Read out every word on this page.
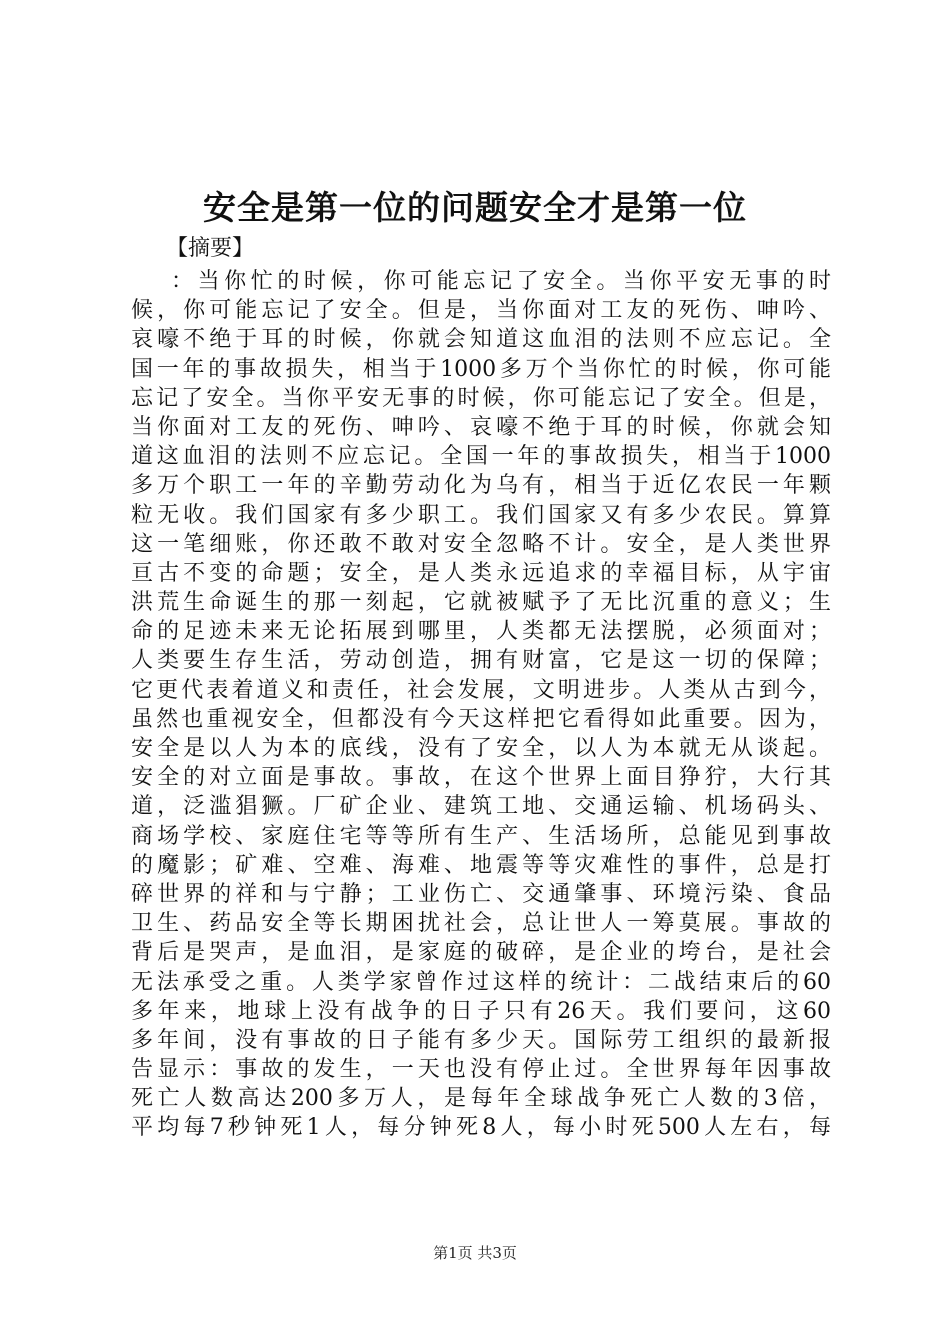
安全是第一位的问题安全才是第一位
【摘要】
：当你忙的时候，你可能忘记了安全。当你平安无事的时
候，你可能忘记了安全。但是，当你面对工友的死伤、呻吟、
哀嚎不绝于耳的时候，你就会知道这血泪的法则不应忘记。全
国一年的事故损失，相当于1000多万个当你忙的时候，你可能
忘记了安全。当你平安无事的时候，你可能忘记了安全。但是，
当你面对工友的死伤、呻吟、哀嚎不绝于耳的时候，你就会知
道这血泪的法则不应忘记。全国一年的事故损失，相当于1000
多万个职工一年的辛勤劳动化为乌有，相当于近亿农民一年颗
粒无收。我们国家有多少职工。我们国家又有多少农民。算算
这一笔细账，你还敢不敢对安全忽略不计。安全，是人类世界
亘古不变的命题；安全，是人类永远追求的幸福目标，从宇宙
洪荒生命诞生的那一刻起，它就被赋予了无比沉重的意义；生
命的足迹未来无论拓展到哪里，人类都无法摆脱，必须面对；
人类要生存生活，劳动创造，拥有财富，它是这一切的保障；
它更代表着道义和责任，社会发展，文明进步。人类从古到今，
虽然也重视安全，但都没有今天这样把它看得如此重要。因为，
安全是以人为本的底线，没有了安全，以人为本就无从谈起。
安全的对立面是事故。事故，在这个世界上面目狰狞，大行其
道，泛滥猖獗。厂矿企业、建筑工地、交通运输、机场码头、
商场学校、家庭住宅等等所有生产、生活场所，总能见到事故
的魔影；矿难、空难、海难、地震等等灾难性的事件，总是打
碎世界的祥和与宁静；工业伤亡、交通肇事、环境污染、食品
卫生、药品安全等长期困扰社会，总让世人一筹莫展。事故的
背后是哭声，是血泪，是家庭的破碎，是企业的垮台，是社会
无法承受之重。人类学家曾作过这样的统计：二战结束后的60
多年来，地球上没有战争的日子只有26天。我们要问，这60
多年间，没有事故的日子能有多少天。国际劳工组织的最新报
告显示：事故的发生，一天也没有停止过。全世界每年因事故
死亡人数高达200多万人，是每年全球战争死亡人数的3倍，
平均每7秒钟死1人，每分钟死8人，每小时死500人左右，每
第1页 共3页
